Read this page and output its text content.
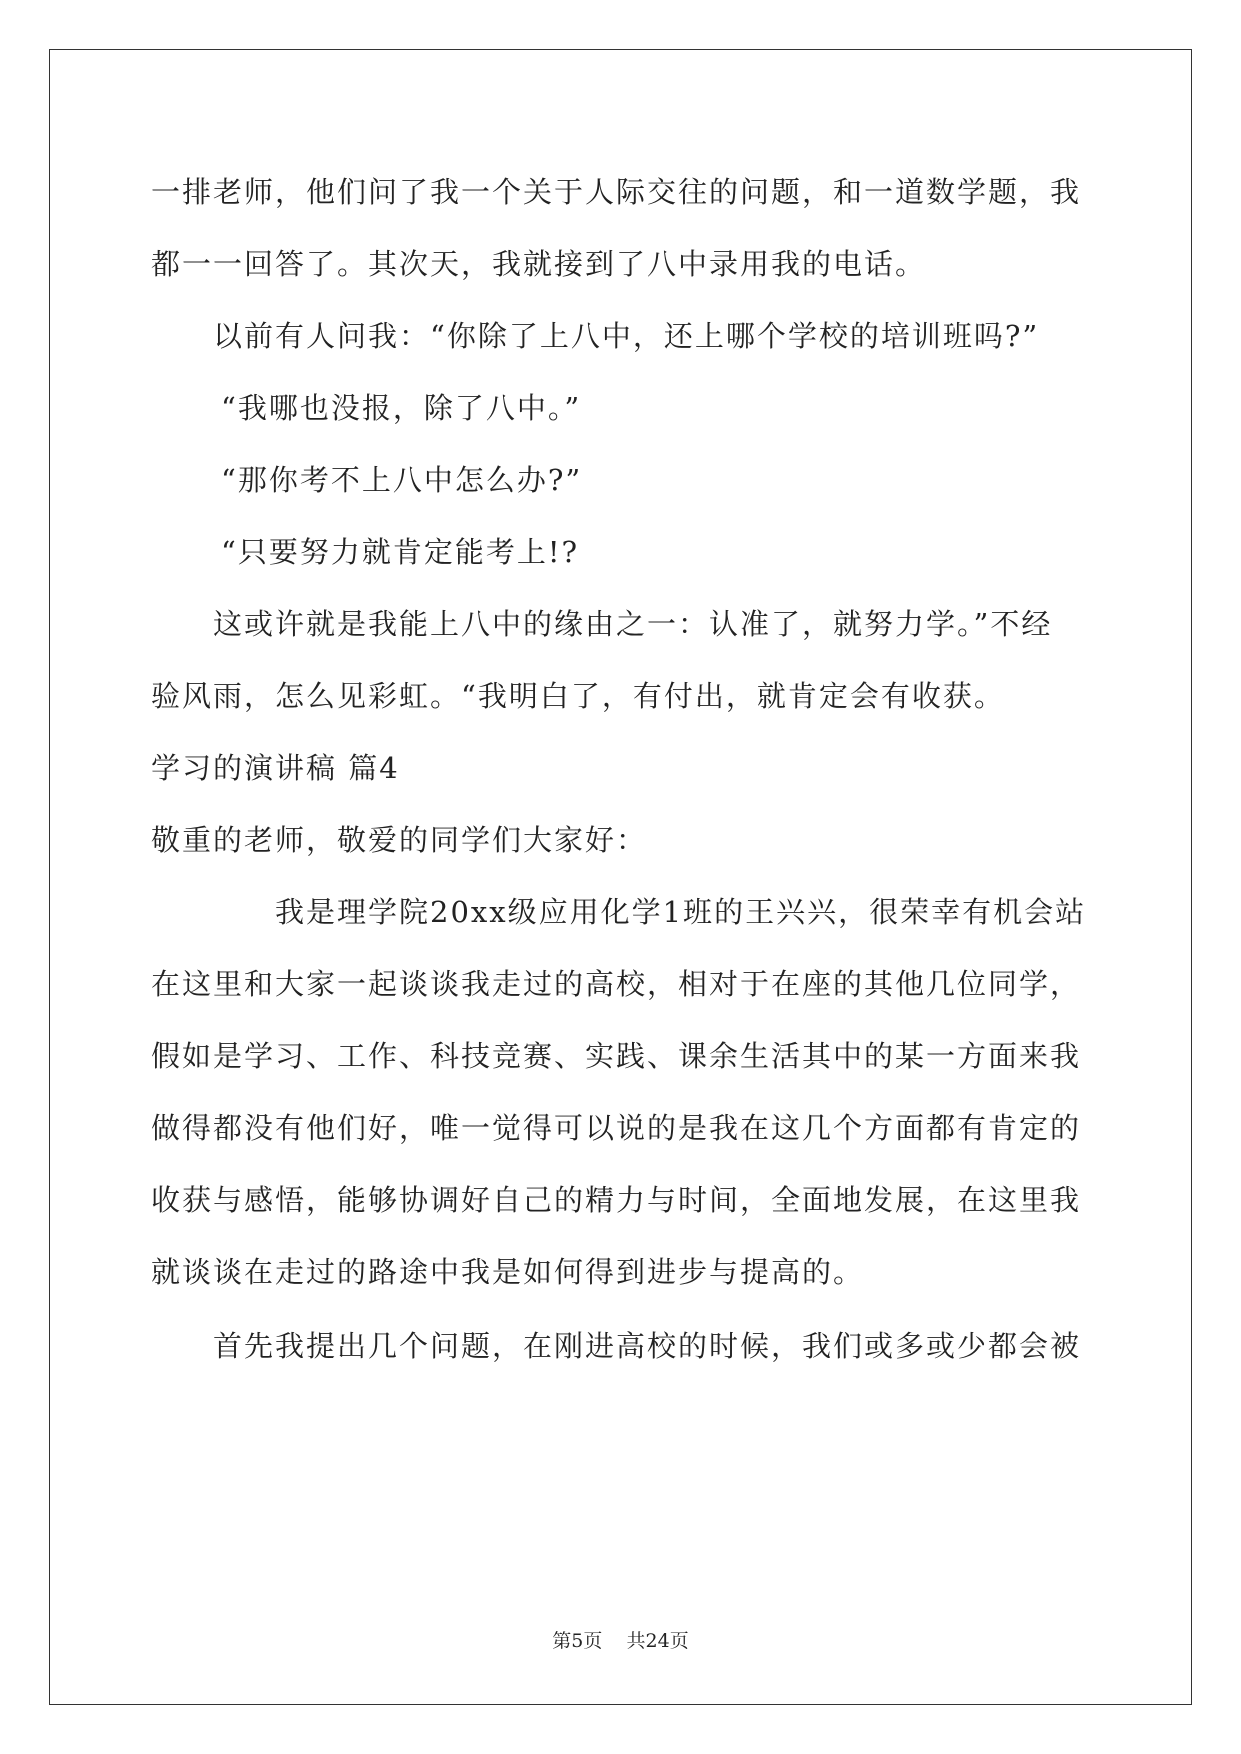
一排老师，他们问了我一个关于人际交往的问题，和一道数学题，我
都一一回答了。其次天，我就接到了八中录用我的电话。
以前有人问我：“你除了上八中，还上哪个学校的培训班吗?”
“我哪也没报，除了八中。”
“那你考不上八中怎么办?”
“只要努力就肯定能考上!?
这或许就是我能上八中的缘由之一：认准了，就努力学。”不经
验风雨，怎么见彩虹。“我明白了，有付出，就肯定会有收获。
学习的演讲稿 篇4
敬重的老师，敬爱的同学们大家好：
我是理学院20xx级应用化学1班的王兴兴，很荣幸有机会站
在这里和大家一起谈谈我走过的高校，相对于在座的其他几位同学，
假如是学习、工作、科技竞赛、实践、课余生活其中的某一方面来我
做得都没有他们好，唯一觉得可以说的是我在这几个方面都有肯定的
收获与感悟，能够协调好自己的精力与时间，全面地发展，在这里我
就谈谈在走过的路途中我是如何得到进步与提高的。
首先我提出几个问题，在刚进高校的时候，我们或多或少都会被
第5页 共24页
